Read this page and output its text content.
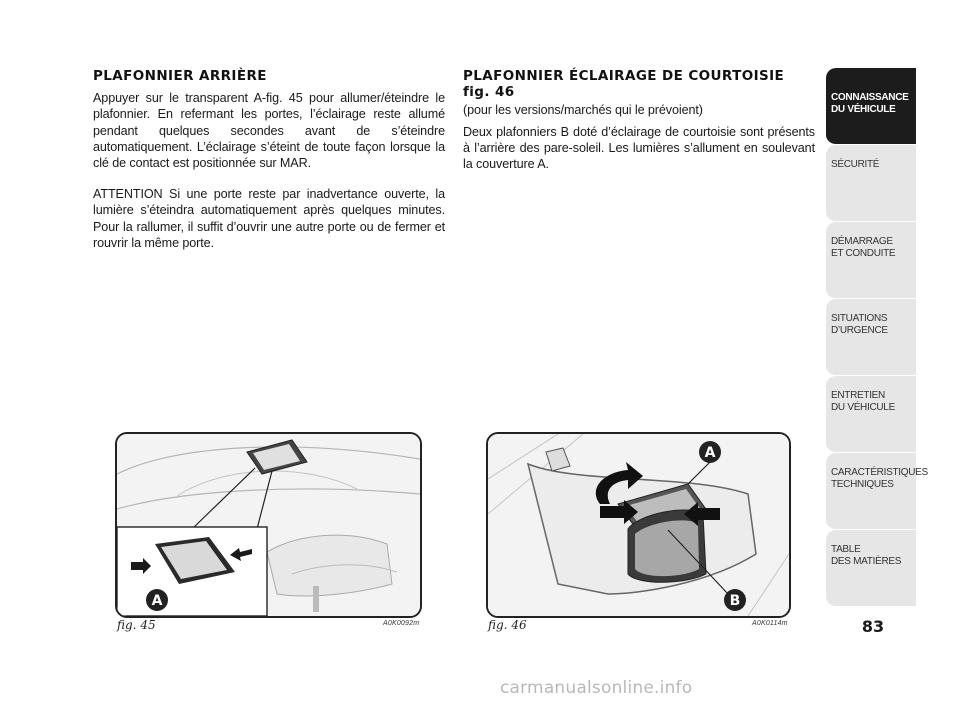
PLAFONNIER ARRIÈRE

Appuyer sur le transparent A-fig. 45 pour allumer/éteindre le plafonnier. En refermant les portes, l’éclairage reste allumé pendant quelques secondes avant de s’éteindre automatiquement. L’éclairage s’éteint de toute façon lorsque la clé de contact est positionnée sur MAR.

ATTENTION Si une porte reste par inadvertance ouverte, la lumière s’éteindra automatiquement après quelques minutes. Pour la rallumer, il suffit d’ouvrir une autre porte ou de fermer et rouvrir la même porte.

PLAFONNIER ÉCLAIRAGE DE COURTOISIE fig. 46
(pour les versions/marchés qui le prévoient)

Deux plafonniers B doté d’éclairage de courtoisie sont présents à l’arrière des pare-soleil. Les lumières s’allument en soulevant la couverture A.

A
fig. 45	A0K0092m
A
B
fig. 46	A0K0114m
CONNAISSANCE
DU VÉHICULE
SÉCURITÉ
DÉMARRAGE
ET CONDUITE
SITUATIONS
D’URGENCE
ENTRETIEN
DU VÉHICULE
CARACTÉRISTIQUES
TECHNIQUES
TABLE
DES MATIÈRES
83
carmanualsonline.info
